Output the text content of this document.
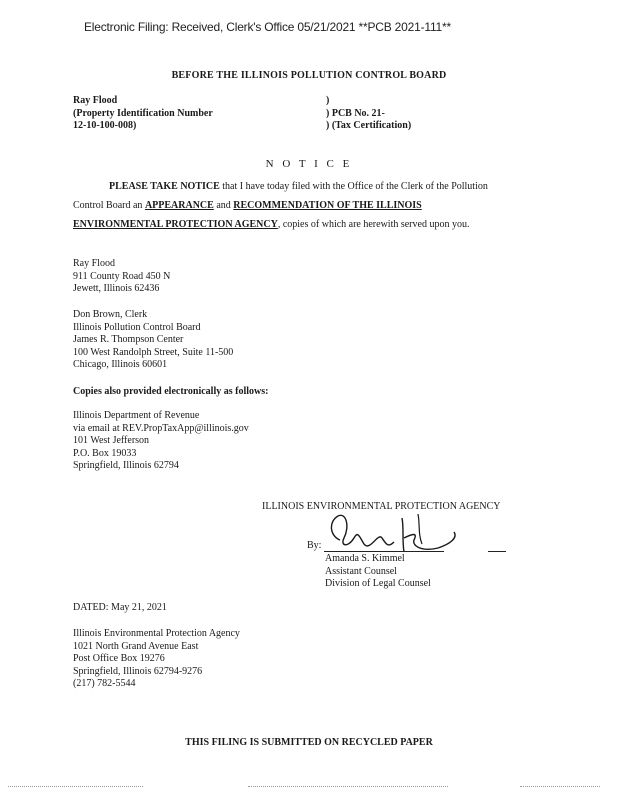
Electronic Filing: Received, Clerk's Office 05/21/2021 **PCB 2021-111**
BEFORE THE ILLINOIS POLLUTION CONTROL BOARD
Ray Flood
(Property Identification Number
12-10-100-008)
)
) PCB No. 21-
) (Tax Certification)
N O T I C E
PLEASE TAKE NOTICE that I have today filed with the Office of the Clerk of the Pollution
Control Board an APPEARANCE and RECOMMENDATION OF THE ILLINOIS
ENVIRONMENTAL PROTECTION AGENCY, copies of which are herewith served upon you.
Ray Flood
911 County Road 450 N
Jewett, Illinois 62436
Don Brown, Clerk
Illinois Pollution Control Board
James R. Thompson Center
100 West Randolph Street, Suite 11-500
Chicago, Illinois 60601
Copies also provided electronically as follows:
Illinois Department of Revenue
via email at REV.PropTaxApp@illinois.gov
101 West Jefferson
P.O. Box 19033
Springfield, Illinois 62794
ILLINOIS ENVIRONMENTAL PROTECTION AGENCY
By:
Amanda S. Kimmel
Assistant Counsel
Division of Legal Counsel
DATED: May 21, 2021
Illinois Environmental Protection Agency
1021 North Grand Avenue East
Post Office Box 19276
Springfield, Illinois 62794-9276
(217) 782-5544
THIS FILING IS SUBMITTED ON RECYCLED PAPER
